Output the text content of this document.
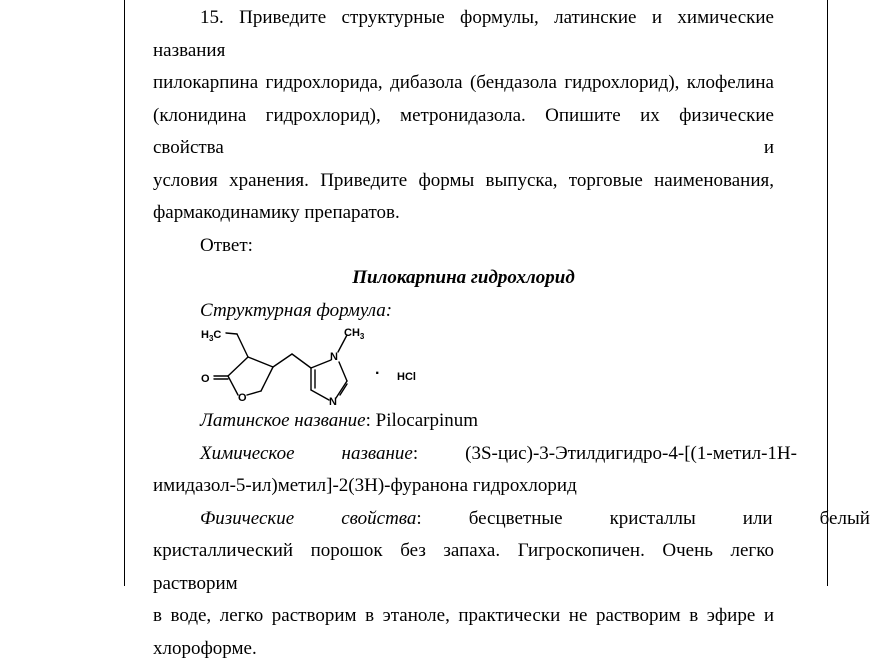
15. Приведите структурные формулы, латинские и химические названия

пилокарпина гидрохлорида, дибазола (бендазола гидрохлорид), клофелина

(клонидина гидрохлорид), метронидазола. Опишите их физические свойства и

условия хранения. Приведите формы выпуска, торговые наименования,

фармакодинамику препаратов.

Ответ:

Пилокарпина гидрохлорид

Структурная формула:

$H_3C$
O
O
N
N
$CH_3$
· HCl

Латинское название: Pilocarpinum

Химическое	название:	(3S-цис)-3-Этилдигидро-4-[(1-метил-1Н-

имидазол-5-ил)метил]-2(3Н)-фуранона гидрохлорид

Физические	свойства:	бесцветные	кристаллы	или	белый

кристаллический порошок без запаха. Гигроскопичен. Очень легко растворим

в воде, легко растворим в этаноле, практически не растворим в эфире и

хлороформе.
